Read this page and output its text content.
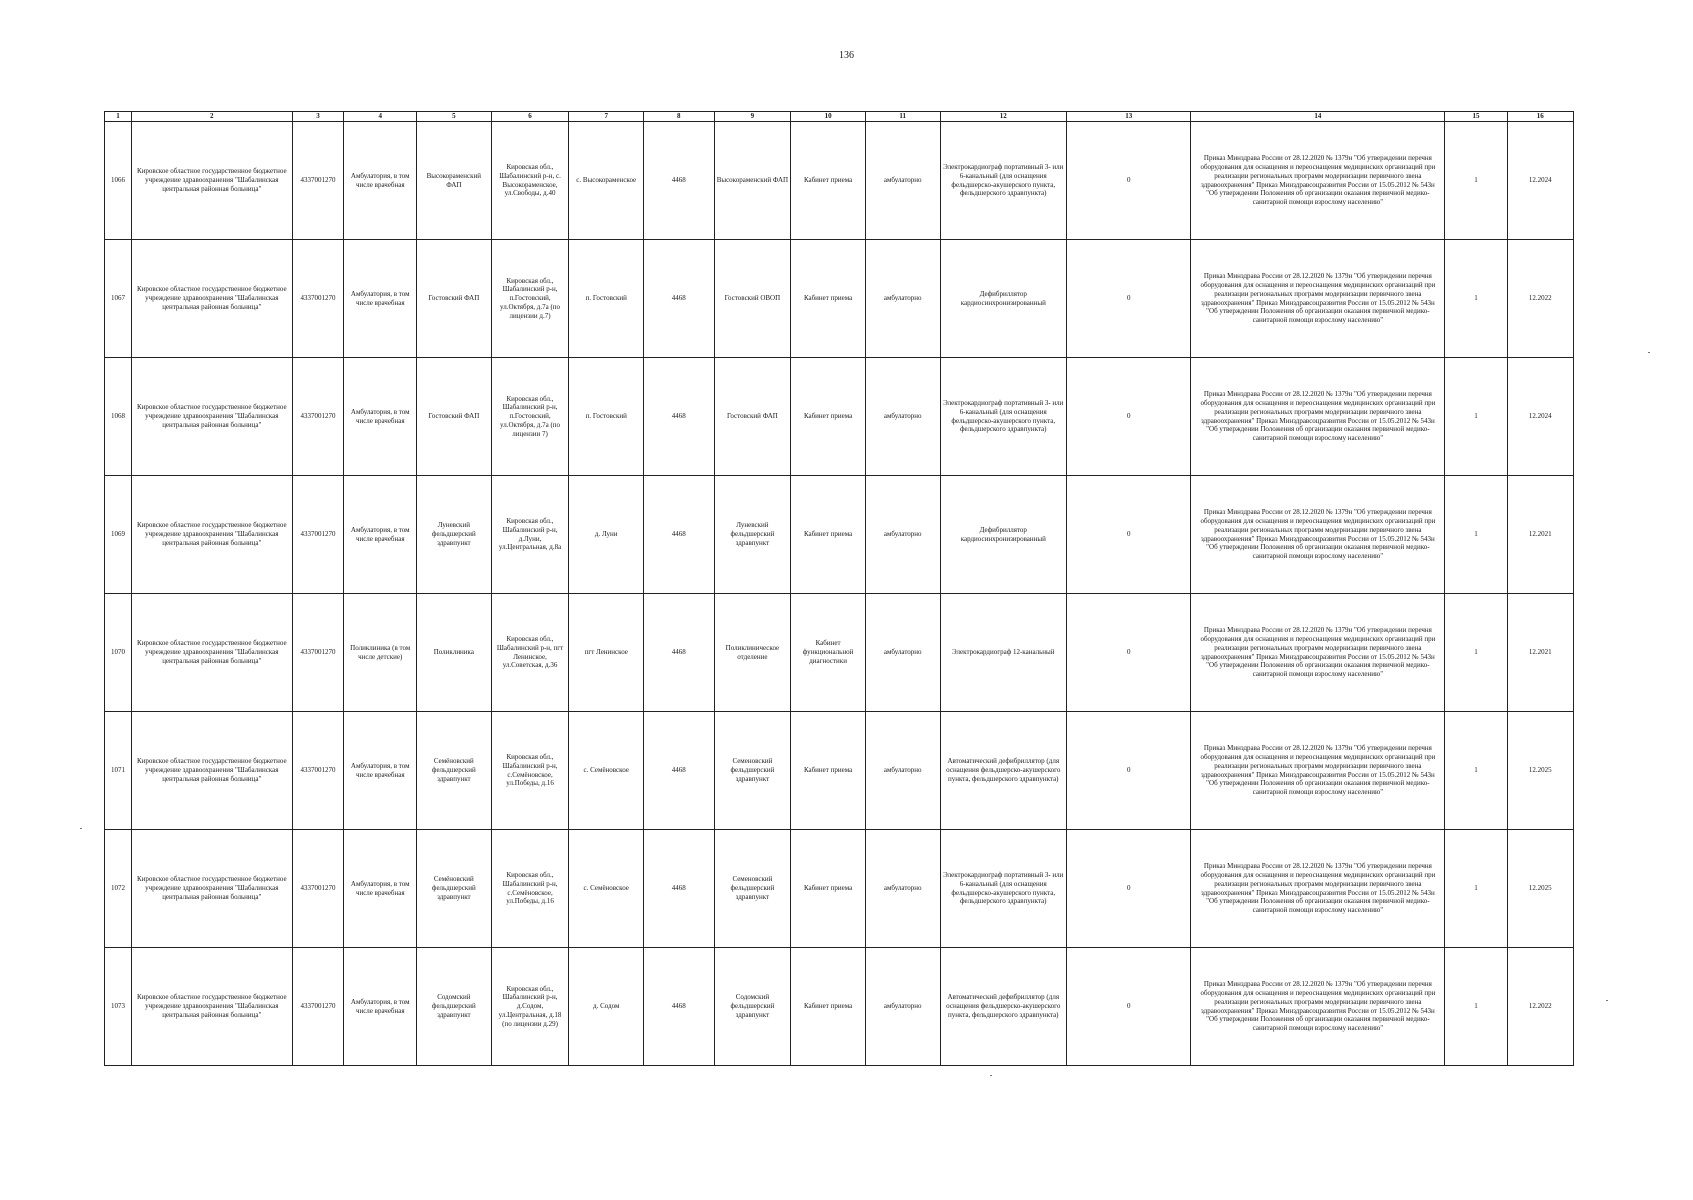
136
1	2	3	4	5	6	7	8	9	10	11	12	13	14	15	16
1066	Кировское областное государственное бюджетное учреждение здравоохранения "Шабалинская центральная районная больница"	4337001270	Амбулатория, в том числе врачебная	Высокораменский ФАП	Кировская обл., Шабалинский р-н, с. Высокораменское, ул.Свободы, д.40	с. Высокораменское	4468	Высокораменский ФАП	Кабинет приема	амбулаторно	Электрокардиограф портативный 3- или 6-канальный (для оснащения фельдшерско-акушерского пункта, фельдшерского здравпункта)	0	Приказ Минздрава России от 28.12.2020 № 1379н "Об утверждении перечня оборудования для оснащения и переоснащения медицинских организаций при реализации региональных программ модернизации первичного звена здравоохранения" Приказ Минздравсоцразвития России от 15.05.2012 № 543н "Об утверждении Положения об организации оказания первичной медико-санитарной помощи взрослому населению"	1	12.2024
1067	Кировское областное государственное бюджетное учреждение здравоохранения "Шабалинская центральная районная больница"	4337001270	Амбулатория, в том числе врачебная	Гостовский ФАП	Кировская обл., Шабалинский р-н, п.Гостовский, ул.Октября, д.7а (по лицензии д.7)	п. Гостовский	4468	Гостовский ОВОП	Кабинет приема	амбулаторно	Дефибриллятор кардиосинхронизированный	0	Приказ Минздрава России от 28.12.2020 № 1379н "Об утверждении перечня оборудования для оснащения и переоснащения медицинских организаций при реализации региональных программ модернизации первичного звена здравоохранения" Приказ Минздравсоцразвития России от 15.05.2012 № 543н "Об утверждении Положения об организации оказания первичной медико-санитарной помощи взрослому населению"	1	12.2022
1068	Кировское областное государственное бюджетное учреждение здравоохранения "Шабалинская центральная районная больница"	4337001270	Амбулатория, в том числе врачебная	Гостовский ФАП	Кировская обл., Шабалинский р-н, п.Гостовский, ул.Октября, д.7а (по лицензии 7)	п. Гостовский	4468	Гостовский ФАП	Кабинет приема	амбулаторно	Электрокардиограф портативный 3- или 6-канальный (для оснащения фельдшерско-акушерского пункта, фельдшерского здравпункта)	0	Приказ Минздрава России от 28.12.2020 № 1379н "Об утверждении перечня оборудования для оснащения и переоснащения медицинских организаций при реализации региональных программ модернизации первичного звена здравоохранения" Приказ Минздравсоцразвития России от 15.05.2012 № 543н "Об утверждении Положения об организации оказания первичной медико-санитарной помощи взрослому населению"	1	12.2024
1069	Кировское областное государственное бюджетное учреждение здравоохранения "Шабалинская центральная районная больница"	4337001270	Амбулатория, в том числе врачебная	Луневский фельдшерский здравпункт	Кировская обл., Шабалинский р-н, д.Луни, ул.Центральная, д.8а	д. Луни	4468	Луневский фельдшерский здравпункт	Кабинет приема	амбулаторно	Дефибриллятор кардиосинхронизированный	0	Приказ Минздрава России от 28.12.2020 № 1379н "Об утверждении перечня оборудования для оснащения и переоснащения медицинских организаций при реализации региональных программ модернизации первичного звена здравоохранения" Приказ Минздравсоцразвития России от 15.05.2012 № 543н "Об утверждении Положения об организации оказания первичной медико-санитарной помощи взрослому населению"	1	12.2021
1070	Кировское областное государственное бюджетное учреждение здравоохранения "Шабалинская центральная районная больница"	4337001270	Поликлиника (в том числе детские)	Поликлиника	Кировская обл., Шабалинский р-н, пгт Ленинское, ул.Советская, д.36	пгт Ленинское	4468	Поликлиническое отделение	Кабинет функциональной диагностики	амбулаторно	Электрокардиограф 12-канальный	0	Приказ Минздрава России от 28.12.2020 № 1379н "Об утверждении перечня оборудования для оснащения и переоснащения медицинских организаций при реализации региональных программ модернизации первичного звена здравоохранения" Приказ Минздравсоцразвития России от 15.05.2012 № 543н "Об утверждении Положения об организации оказания первичной медико-санитарной помощи взрослому населению"	1	12.2021
1071	Кировское областное государственное бюджетное учреждение здравоохранения "Шабалинская центральная районная больница"	4337001270	Амбулатория, в том числе врачебная	Семёновский фельдшерский здравпункт	Кировская обл., Шабалинский р-н, с.Семёновское, ул.Победы, д.16	с. Семёновское	4468	Семеновский фельдшерский здравпункт	Кабинет приема	амбулаторно	Автоматический дефибриллятор (для оснащения фельдшерско-акушерского пункта, фельдшерского здравпункта)	0	Приказ Минздрава России от 28.12.2020 № 1379н "Об утверждении перечня оборудования для оснащения и переоснащения медицинских организаций при реализации региональных программ модернизации первичного звена здравоохранения" Приказ Минздравсоцразвития России от 15.05.2012 № 543н "Об утверждении Положения об организации оказания первичной медико-санитарной помощи взрослому населению"	1	12.2025
1072	Кировское областное государственное бюджетное учреждение здравоохранения "Шабалинская центральная районная больница"	4337001270	Амбулатория, в том числе врачебная	Семёновский фельдшерский здравпункт	Кировская обл., Шабалинский р-н, с.Семёновское, ул.Победы, д.16	с. Семёновское	4468	Семеновский фельдшерский здравпункт	Кабинет приема	амбулаторно	Электрокардиограф портативный 3- или 6-канальный (для оснащения фельдшерско-акушерского пункта, фельдшерского здравпункта)	0	Приказ Минздрава России от 28.12.2020 № 1379н "Об утверждении перечня оборудования для оснащения и переоснащения медицинских организаций при реализации региональных программ модернизации первичного звена здравоохранения" Приказ Минздравсоцразвития России от 15.05.2012 № 543н "Об утверждении Положения об организации оказания первичной медико-санитарной помощи взрослому населению"	1	12.2025
1073	Кировское областное государственное бюджетное учреждение здравоохранения "Шабалинская центральная районная больница"	4337001270	Амбулатория, в том числе врачебная	Содомский фельдшерский здравпункт	Кировская обл., Шабалинский р-н, д.Содом, ул.Центральная, д.18 (по лицензии д.29)	д. Содом	4468	Содомский фельдшерский здравпункт	Кабинет приема	амбулаторно	Автоматический дефибриллятор (для оснащения фельдшерско-акушерского пункта, фельдшерского здравпункта)	0	Приказ Минздрава России от 28.12.2020 № 1379н "Об утверждении перечня оборудования для оснащения и переоснащения медицинских организаций при реализации региональных программ модернизации первичного звена здравоохранения" Приказ Минздравсоцразвития России от 15.05.2012 № 543н "Об утверждении Положения об организации оказания первичной медико-санитарной помощи взрослому населению"	1	12.2022
